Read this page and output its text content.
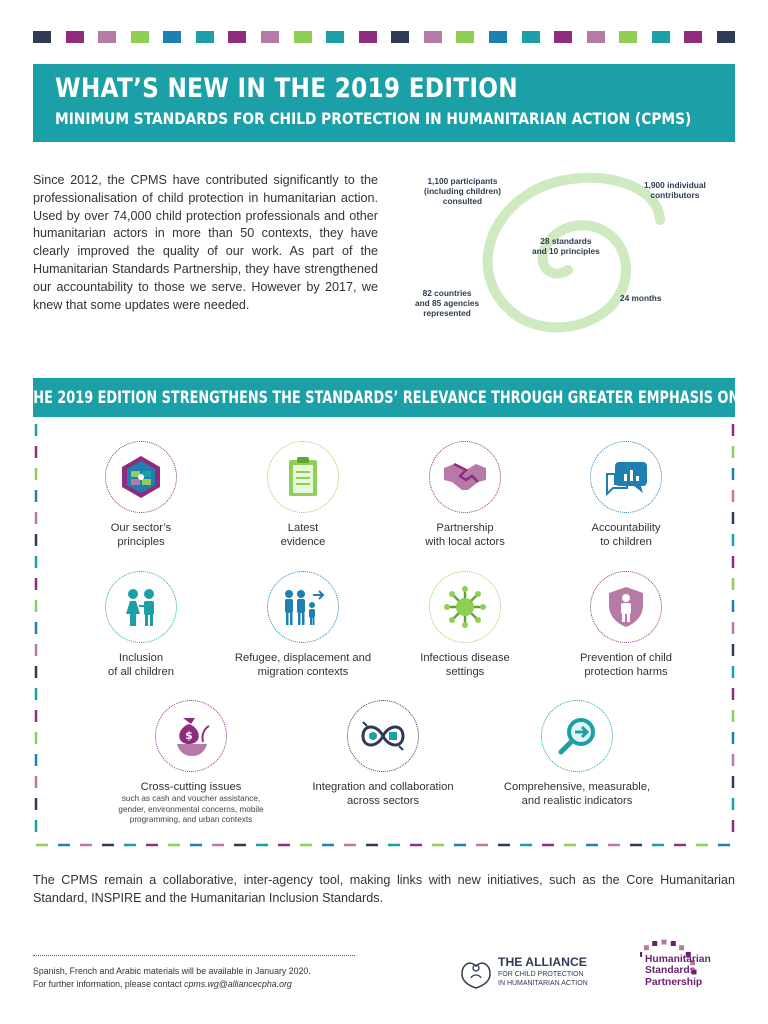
WHAT’S NEW IN THE 2019 EDITION
MINIMUM STANDARDS FOR CHILD PROTECTION IN HUMANITARIAN ACTION (CPMS)

Since 2012, the CPMS have contributed significantly to the professionalisation of child protection in humanitarian action. Used by over 74,000 child protection professionals and other humanitarian actors in more than 50 contexts, they have clearly improved the quality of our work. As part of the Humanitarian Standards Partnership, they have strengthened our accountability to those we serve. However by 2017, we knew that some updates were needed.

1,100 participants
(including children)
consulted
1,900 individual
contributors
28 standards
and 10 principles
82 countries
and 85 agencies
represented
24 months
THE 2019 EDITION STRENGTHENS THE STANDARDS’ RELEVANCE THROUGH GREATER EMPHASIS ON:
Our sector’s
principles
Latest
evidence
Partnership
with local actors
Accountability
to children
Inclusion
of all children
Refugee, displacement and
migration contexts
Infectious disease
settings
Prevention of child
protection harms
$
Cross-cutting issues
such as cash and voucher assistance,
gender, environmental concerns, mobile
programming, and urban contexts
Integration and collaboration
across sectors
Comprehensive, measurable,
and realistic indicators

The CPMS remain a collaborative, inter-agency tool, making links with new initiatives, such as the Core Humanitarian Standard, INSPIRE and the Humanitarian Inclusion Standards.

Spanish, French and Arabic materials will be available in January 2020.
For further information, please contact cpms.wg@alliancecpha.org
THE ALLIANCE
FOR CHILD PROTECTION
IN HUMANITARIAN ACTION
Humanitarian
Standards
Partnership
